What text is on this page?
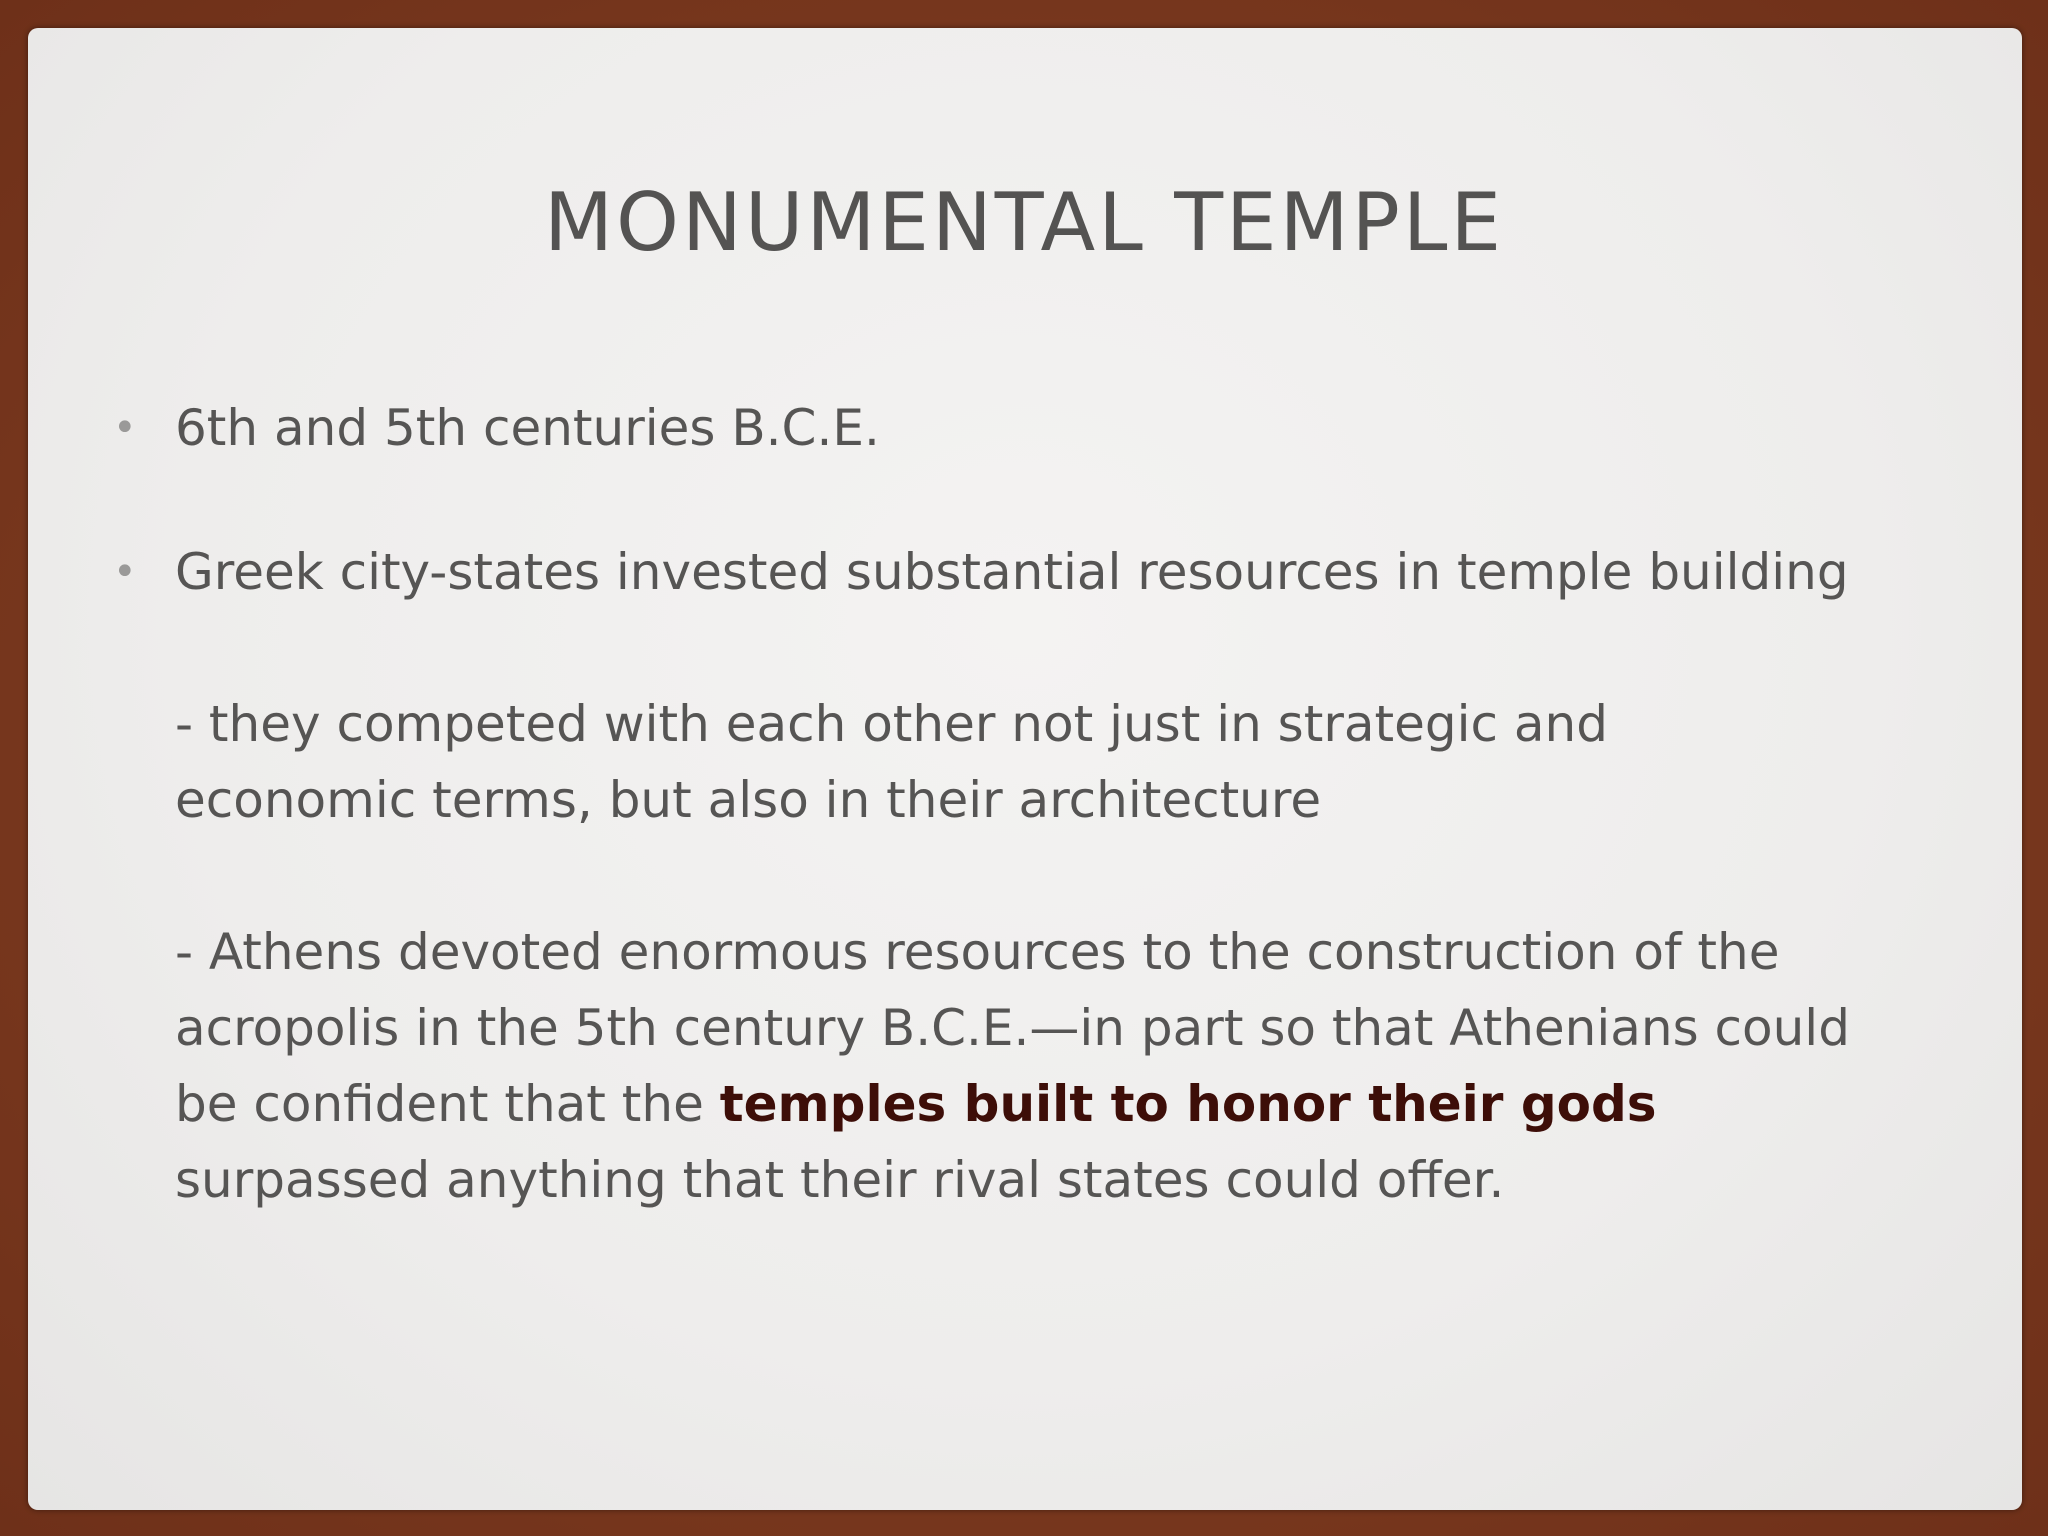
MONUMENTAL TEMPLE
• 6th and 5th centuries B.C.E.
• Greek city-states invested substantial resources in temple building
- they competed with each other not just in strategic and economic terms, but also in their architecture
- Athens devoted enormous resources to the construction of the acropolis in the 5th century B.C.E.—in part so that Athenians could be confident that the temples built to honor their gods surpassed anything that their rival states could offer.
